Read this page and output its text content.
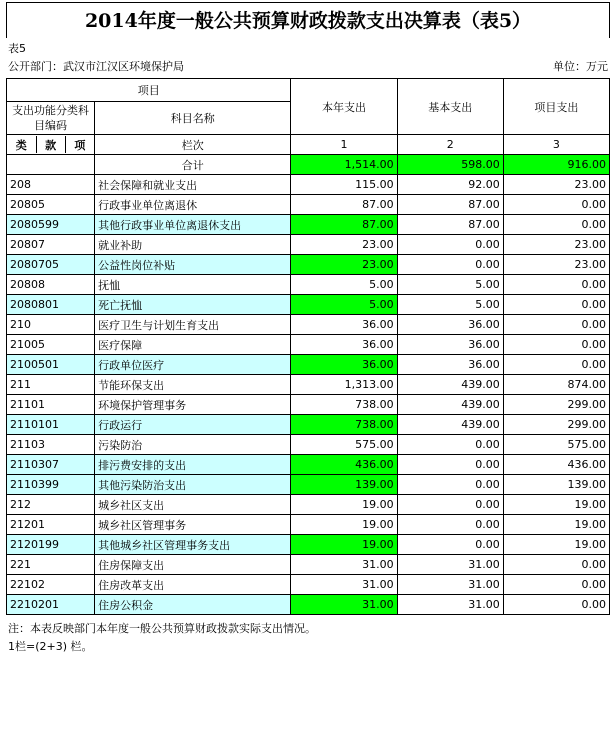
2014年度一般公共预算财政拨款支出决算表（表5）
表5
公开部门：武汉市江汉区环境保护局	单位：万元
项目	本年支出	基本支出	项目支出
支出功能分类科目编码	科目名称

类	款	项
		栏次	1	2	3
	合计	1,514.00	598.00	916.00
208	社会保障和就业支出	115.00	92.00	23.00
20805	行政事业单位离退休	87.00	87.00	0.00
2080599	其他行政事业单位离退休支出	87.00	87.00	0.00
20807	就业补助	23.00	0.00	23.00
2080705	公益性岗位补贴	23.00	0.00	23.00
20808	抚恤	5.00	5.00	0.00
2080801	死亡抚恤	5.00	5.00	0.00
210	医疗卫生与计划生育支出	36.00	36.00	0.00
21005	医疗保障	36.00	36.00	0.00
2100501	行政单位医疗	36.00	36.00	0.00
211	节能环保支出	1,313.00	439.00	874.00
21101	环境保护管理事务	738.00	439.00	299.00
2110101	行政运行	738.00	439.00	299.00
21103	污染防治	575.00	0.00	575.00
2110307	排污费安排的支出	436.00	0.00	436.00
2110399	其他污染防治支出	139.00	0.00	139.00
212	城乡社区支出	19.00	0.00	19.00
21201	城乡社区管理事务	19.00	0.00	19.00
2120199	其他城乡社区管理事务支出	19.00	0.00	19.00
221	住房保障支出	31.00	31.00	0.00
22102	住房改革支出	31.00	31.00	0.00
2210201	住房公积金	31.00	31.00	0.00
注：本表反映部门本年度一般公共预算财政拨款实际支出情况。
1栏=(2+3) 栏。
